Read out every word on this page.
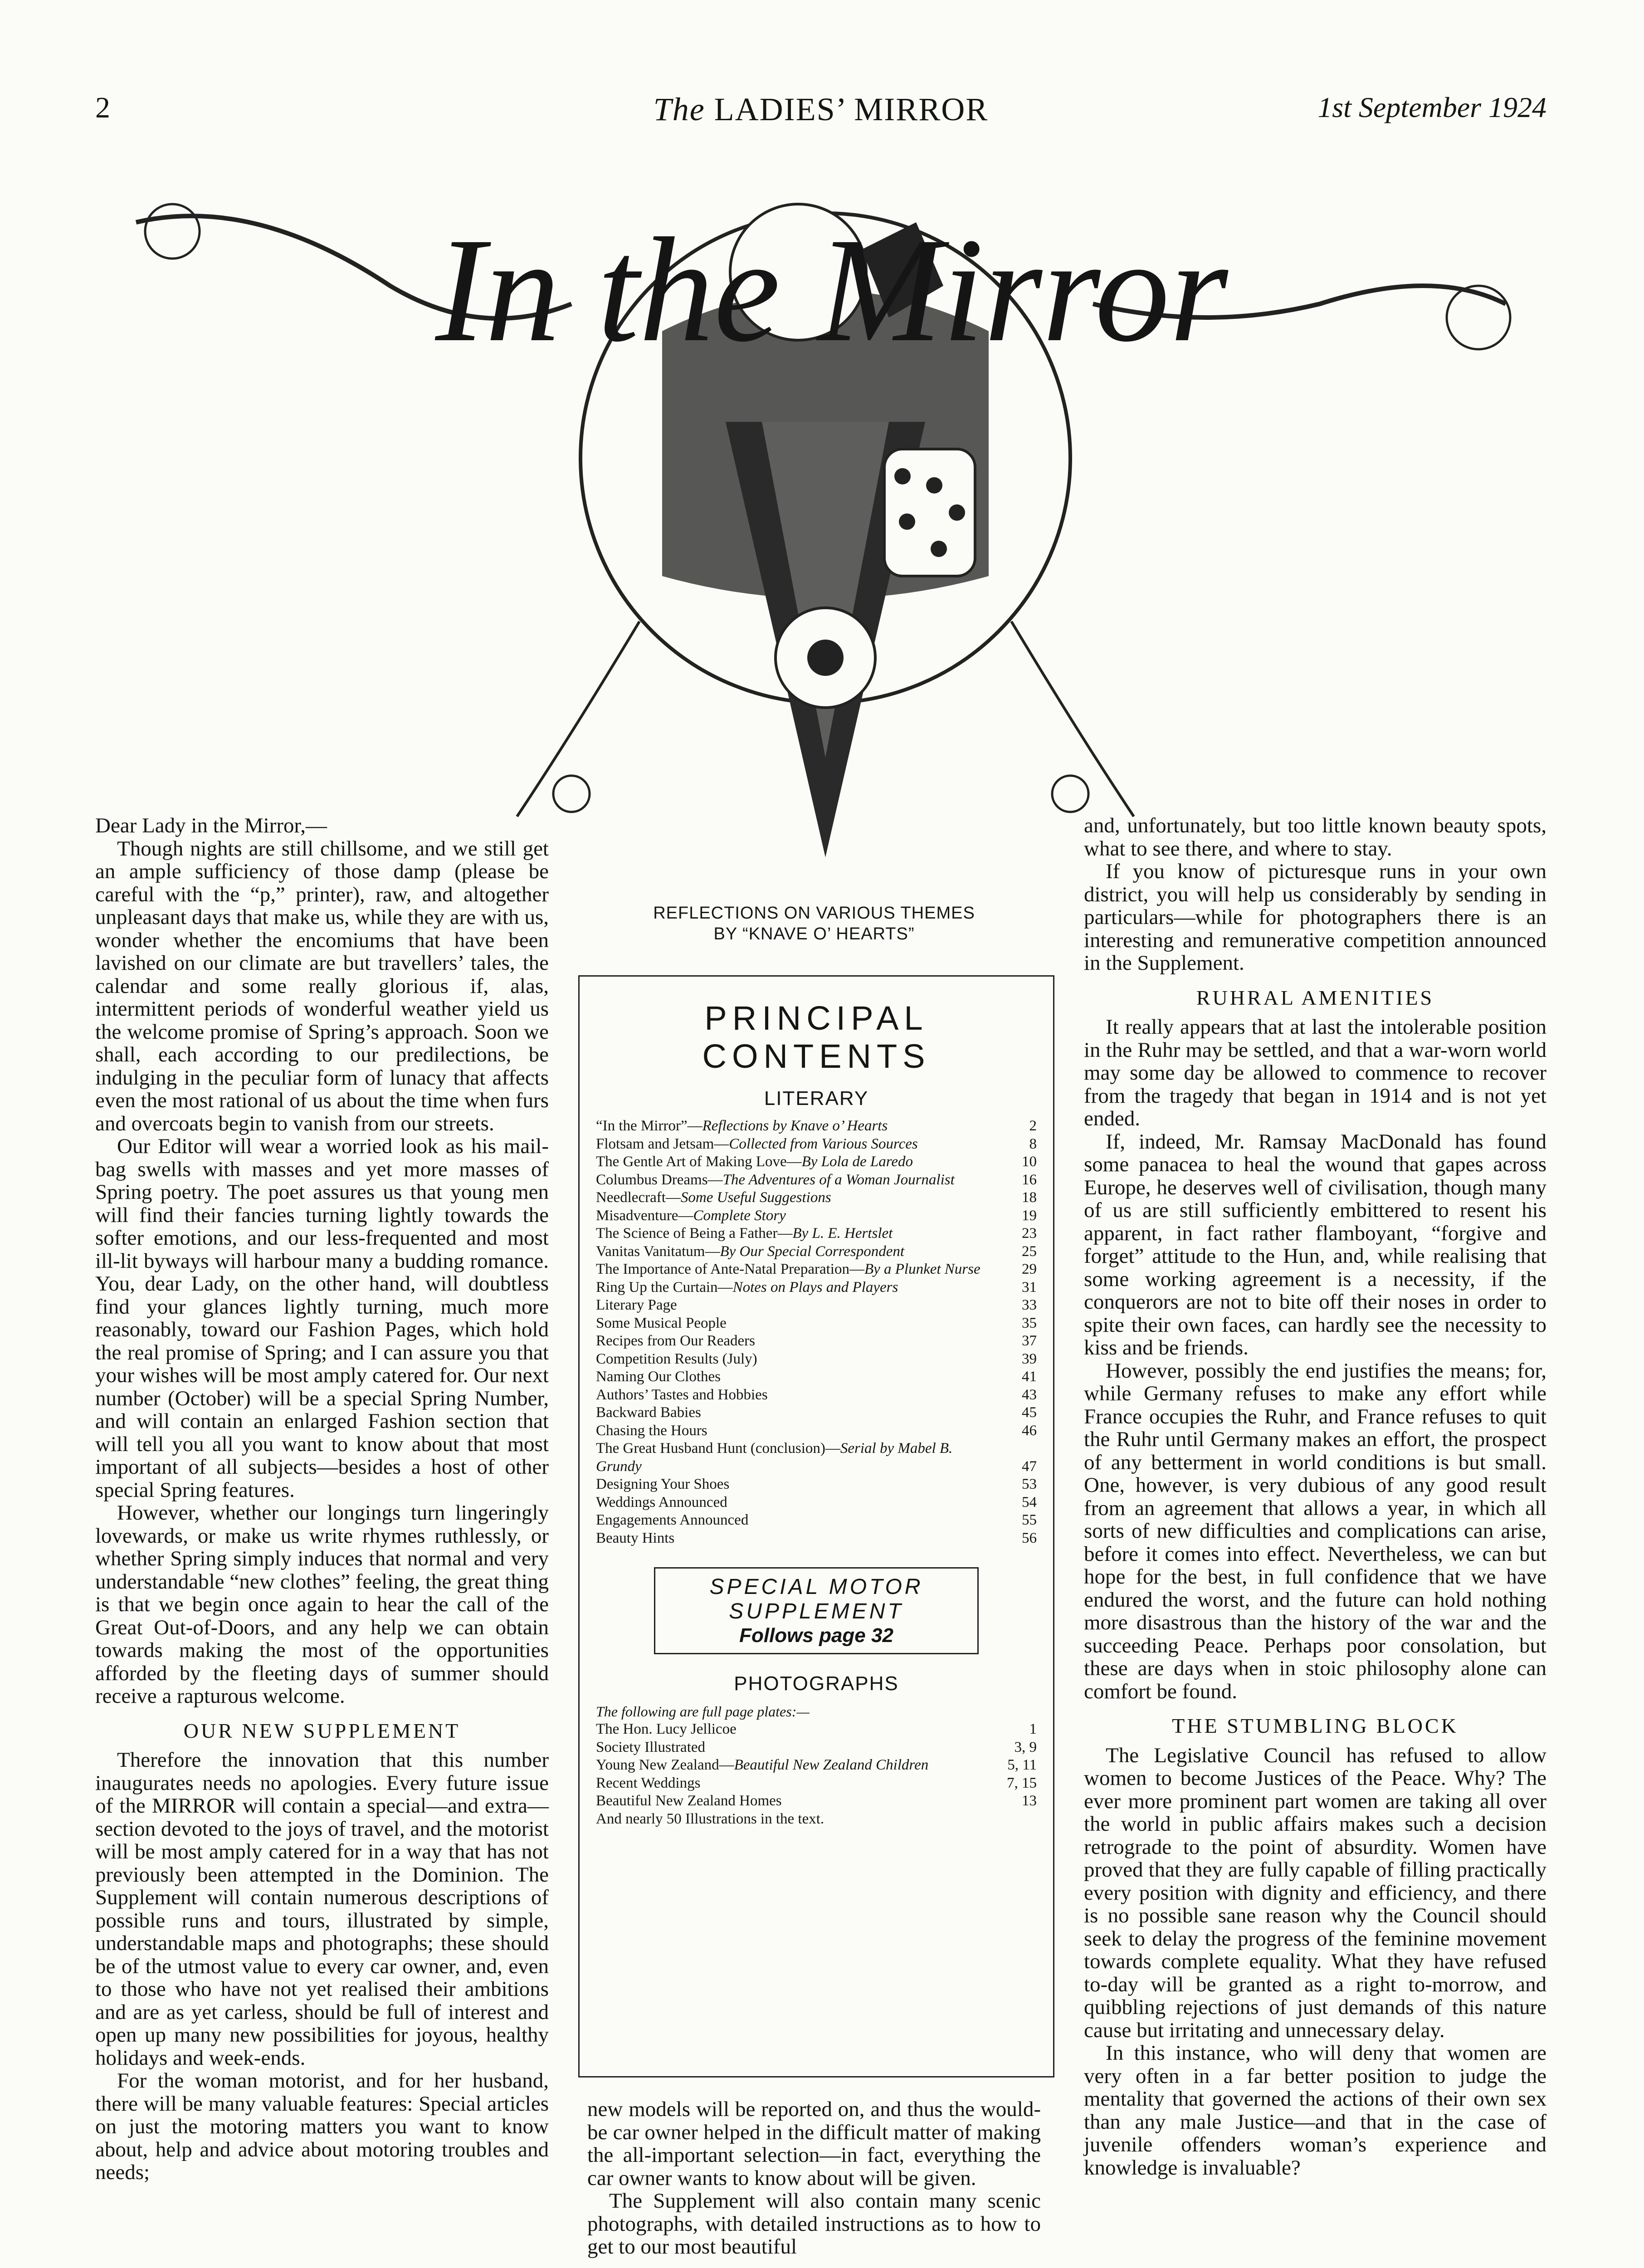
2	The LADIES’ MIRROR	1st September 1924
In the Mirror

Dear Lady in the Mirror,—

Though nights are still chillsome, and we still get an ample sufficiency of those damp (please be careful with the “p,” printer), raw, and altogether unpleasant days that make us, while they are with us, wonder whether the encomiums that have been lavished on our climate are but travellers’ tales, the calendar and some really glorious if, alas, intermittent periods of wonderful weather yield us the welcome promise of Spring’s approach. Soon we shall, each according to our predilections, be indulging in the peculiar form of lunacy that affects even the most rational of us about the time when furs and overcoats begin to vanish from our streets.

Our Editor will wear a worried look as his mail-bag swells with masses and yet more masses of Spring poetry. The poet assures us that young men will find their fancies turning lightly towards the softer emotions, and our less-frequented and most ill-lit byways will harbour many a budding romance. You, dear Lady, on the other hand, will doubtless find your glances lightly turning, much more reasonably, toward our Fashion Pages, which hold the real promise of Spring; and I can assure you that your wishes will be most amply catered for. Our next number (October) will be a special Spring Number, and will contain an enlarged Fashion section that will tell you all you want to know about that most important of all subjects—besides a host of other special Spring features.

However, whether our longings turn lingeringly lovewards, or make us write rhymes ruthlessly, or whether Spring simply induces that normal and very understandable “new clothes” feeling, the great thing is that we begin once again to hear the call of the Great Out-of-Doors, and any help we can obtain towards making the most of the opportunities afforded by the fleeting days of summer should receive a rapturous welcome.

OUR NEW SUPPLEMENT

Therefore the innovation that this number inaugurates needs no apologies. Every future issue of the MIRROR will contain a special—and extra—section devoted to the joys of travel, and the motorist will be most amply catered for in a way that has not previously been attempted in the Dominion. The Supplement will contain numerous descriptions of possible runs and tours, illustrated by simple, understandable maps and photographs; these should be of the utmost value to every car owner, and, even to those who have not yet realised their ambitions and are as yet carless, should be full of interest and open up many new possibilities for joyous, healthy holidays and week-ends.

For the woman motorist, and for her husband, there will be many valuable features: Special articles on just the motoring matters you want to know about, help and advice about motoring troubles and needs;

REFLECTIONS ON VARIOUS THEMES
BY “KNAVE O’ HEARTS”
PRINCIPAL
CONTENTS
LITERARY
“In the Mirror”—Reflections by Knave o’ Hearts	2
Flotsam and Jetsam—Collected from Various Sources	8
The Gentle Art of Making Love—By Lola de Laredo	10
Columbus Dreams—The Adventures of a Woman Journalist	16
Needlecraft—Some Useful Suggestions	18
Misadventure—Complete Story	19
The Science of Being a Father—By L. E. Hertslet	23
Vanitas Vanitatum—By Our Special Correspondent	25
The Importance of Ante-Natal Preparation—By a Plunket Nurse	29
Ring Up the Curtain—Notes on Plays and Players	31
Literary Page	33
Some Musical People	35
Recipes from Our Readers	37
Competition Results (July)	39
Naming Our Clothes	41
Authors’ Tastes and Hobbies	43
Backward Babies	45
Chasing the Hours	46
The Great Husband Hunt (conclusion)—Serial by Mabel B. Grundy	47
Designing Your Shoes	53
Weddings Announced	54
Engagements Announced	55
Beauty Hints	56
SPECIAL MOTOR
SUPPLEMENT
Follows page 32
PHOTOGRAPHS
The following are full page plates:—
The Hon. Lucy Jellicoe	1
Society Illustrated	3, 9
Young New Zealand—Beautiful New Zealand Children	5, 11
Recent Weddings	7, 15
Beautiful New Zealand Homes	13
And nearly 50 Illustrations in the text.

new models will be reported on, and thus the would-be car owner helped in the difficult matter of making the all-important selection—in fact, everything the car owner wants to know about will be given.

The Supplement will also contain many scenic photographs, with detailed instructions as to how to get to our most beautiful

and, unfortunately, but too little known beauty spots, what to see there, and where to stay.

If you know of picturesque runs in your own district, you will help us considerably by sending in particulars—while for photographers there is an interesting and remunerative competition announced in the Supplement.

RUHRAL AMENITIES

It really appears that at last the intolerable position in the Ruhr may be settled, and that a war-worn world may some day be allowed to commence to recover from the tragedy that began in 1914 and is not yet ended.

If, indeed, Mr. Ramsay MacDonald has found some panacea to heal the wound that gapes across Europe, he deserves well of civilisation, though many of us are still sufficiently embittered to resent his apparent, in fact rather flamboyant, “forgive and forget” attitude to the Hun, and, while realising that some working agreement is a necessity, if the conquerors are not to bite off their noses in order to spite their own faces, can hardly see the necessity to kiss and be friends.

However, possibly the end justifies the means; for, while Germany refuses to make any effort while France occupies the Ruhr, and France refuses to quit the Ruhr until Germany makes an effort, the prospect of any betterment in world conditions is but small. One, however, is very dubious of any good result from an agreement that allows a year, in which all sorts of new difficulties and complications can arise, before it comes into effect. Nevertheless, we can but hope for the best, in full confidence that we have endured the worst, and the future can hold nothing more disastrous than the history of the war and the succeeding Peace. Perhaps poor consolation, but these are days when in stoic philosophy alone can comfort be found.

THE STUMBLING BLOCK

The Legislative Council has refused to allow women to become Justices of the Peace. Why? The ever more prominent part women are taking all over the world in public affairs makes such a decision retrograde to the point of absurdity. Women have proved that they are fully capable of filling practically every position with dignity and efficiency, and there is no possible sane reason why the Council should seek to delay the progress of the feminine movement towards complete equality. What they have refused to-day will be granted as a right to-morrow, and quibbling rejections of just demands of this nature cause but irritating and unnecessary delay.

In this instance, who will deny that women are very often in a far better position to judge the mentality that governed the actions of their own sex than any male Justice—and that in the case of juvenile offenders woman’s experience and knowledge is invaluable?
